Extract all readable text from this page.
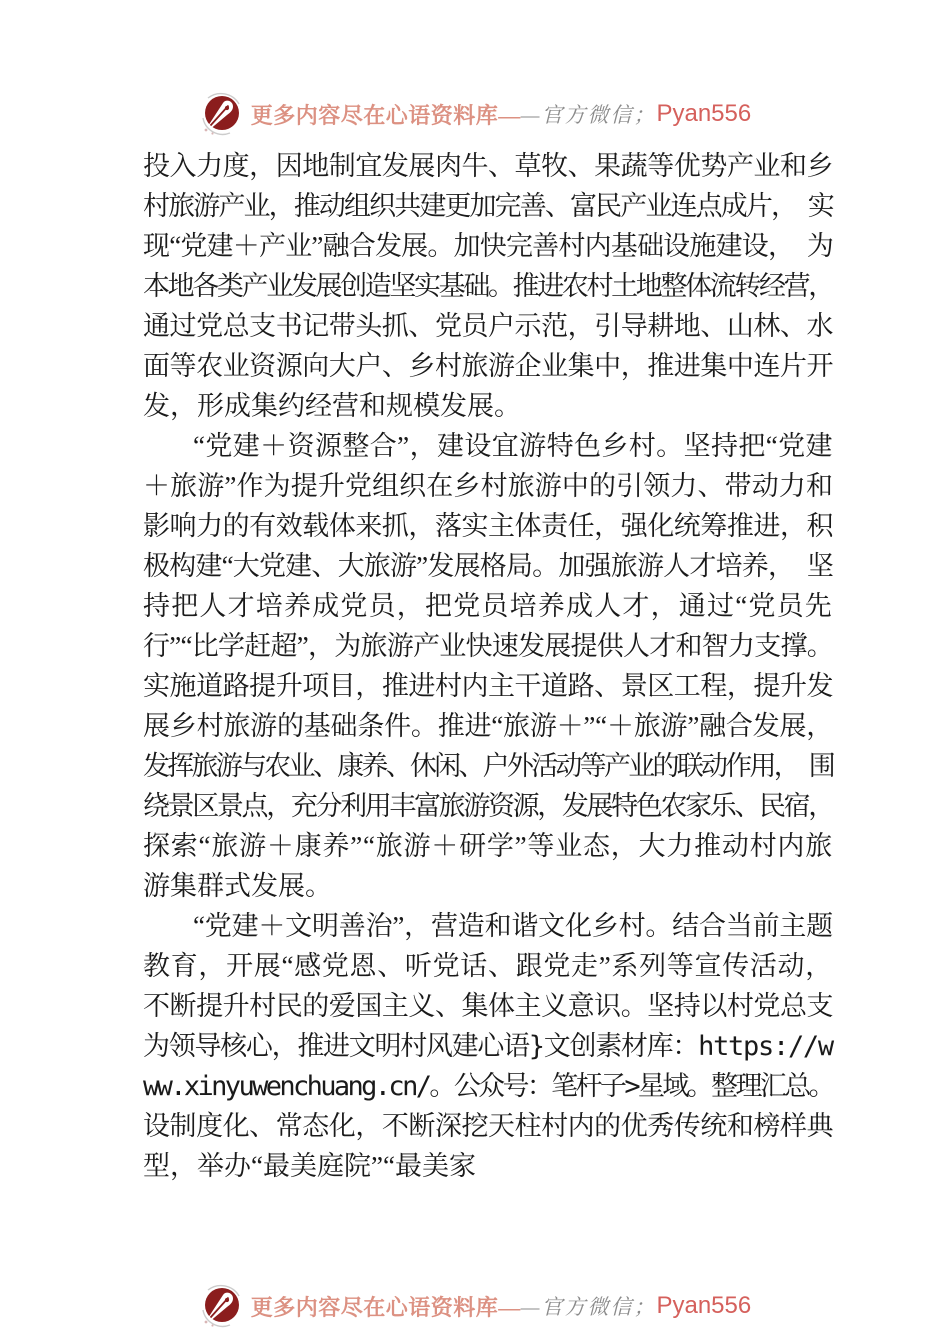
更多内容尽在心语资料库— —官方微信； Pyan556
投入力度，因地制宜发展肉牛、草牧、果蔬等优势产业和乡
村旅游产业，推动组织共建更加完善、富民产业连点成片，　实
现“党建＋产业”融合发展。加快完善村内基础设施建设，　为
本地各类产业发展创造坚实基础。推进农村土地整体流转经营，
通过党总支书记带头抓、党员户示范，引导耕地、山林、水
面等农业资源向大户、乡村旅游企业集中，推进集中连片开
发，形成集约经营和规模发展。
“党建＋资源整合”，建设宜游特色乡村。坚持把“党建
＋旅游”作为提升党组织在乡村旅游中的引领力、带动力和
影响力的有效载体来抓，落实主体责任，强化统筹推进，积
极构建“大党建、大旅游”发展格局。加强旅游人才培养，　坚
持把人才培养成党员，把党员培养成人才，通过“党员先
行”“比学赶超”，为旅游产业快速发展提供人才和智力支撑。
实施道路提升项目，推进村内主干道路、景区工程，提升发
展乡村旅游的基础条件。推进“旅游＋”“＋旅游”融合发展，
发挥旅游与农业、康养、休闲、户外活动等产业的联动作用，　围
绕景区景点，充分利用丰富旅游资源，发展特色农家乐、民宿，
探索“旅游＋康养”“旅游＋研学”等业态，大力推动村内旅
游集群式发展。
“党建＋文明善治”，营造和谐文化乡村。结合当前主题
教育，开展“感党恩、听党话、跟党走”系列等宣传活动，
不断提升村民的爱国主义、集体主义意识。坚持以村党总支
为领导核心，推进文明村风建心语}文创素材库：https://w
ww.xinyuwenchuang.cn/。公众号：笔杆子>星域。整理汇总。
设制度化、常态化，不断深挖天柱村内的优秀传统和榜样典
型，举办“最美庭院”“最美家
更多内容尽在心语资料库— —官方微信； Pyan556
